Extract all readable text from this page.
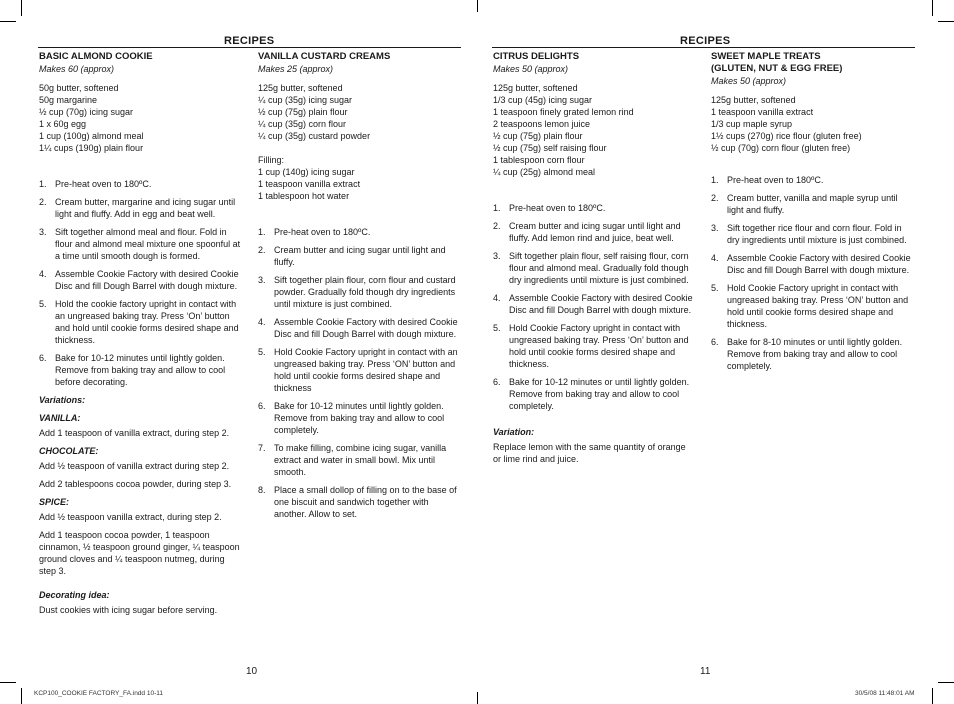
RECIPES
BASIC ALMOND COOKIE
Makes 60 (approx)
50g butter, softened
50g margarine
½ cup (70g) icing sugar
1 x 60g egg
1 cup (100g) almond meal
1¼ cups (190g) plain flour
1. Pre-heat oven to 180ºC.
2. Cream butter, margarine and icing sugar until light and fluffy. Add in egg and beat well.
3. Sift together almond meal and flour. Fold in flour and almond meal mixture one spoonful at a time until smooth dough is formed.
4. Assemble Cookie Factory with desired Cookie Disc and fill Dough Barrel with dough mixture.
5. Hold the cookie factory upright in contact with an ungreased baking tray. Press ‘On’ button and hold until cookie forms desired shape and thickness.
6. Bake for 10-12 minutes until lightly golden. Remove from baking tray and allow to cool before decorating.
Variations:
VANILLA:
Add 1 teaspoon of vanilla extract, during step 2.
CHOCOLATE:
Add ½ teaspoon of vanilla extract during step 2.
Add 2 tablespoons cocoa powder, during step 3.
SPICE:
Add ½ teaspoon vanilla extract, during step 2.
Add 1 teaspoon cocoa powder, 1 teaspoon cinnamon, ½ teaspoon ground ginger, ¼ teaspoon ground cloves and ¼ teaspoon nutmeg, during step 3.
Decorating idea:
Dust cookies with icing sugar before serving.
VANILLA CUSTARD CREAMS
Makes 25 (approx)
125g butter, softened
¼ cup (35g) icing sugar
½ cup (75g) plain flour
¼ cup (35g) corn flour
¼ cup (35g) custard powder
Filling:
1 cup (140g) icing sugar
1 teaspoon vanilla extract
1 tablespoon hot water
1. Pre-heat oven to 180ºC.
2. Cream butter and icing sugar until light and fluffy.
3. Sift together plain flour, corn flour and custard powder. Gradually fold though dry ingredients until mixture is just combined.
4. Assemble Cookie Factory with desired Cookie Disc and fill Dough Barrel with dough mixture.
5. Hold Cookie Factory upright in contact with an ungreased baking tray. Press ‘ON’ button and hold until cookie forms desired shape and thickness
6. Bake for 10-12 minutes until lightly golden. Remove from baking tray and allow to cool completely.
7. To make filling, combine icing sugar, vanilla extract and water in small bowl. Mix until smooth.
8. Place a small dollop of filling on to the base of one biscuit and sandwich together with another. Allow to set.
10
RECIPES
CITRUS DELIGHTS
Makes 50 (approx)
125g butter, softened
1/3 cup (45g) icing sugar
1 teaspoon finely grated lemon rind
2 teaspoons lemon juice
½ cup (75g) plain flour
½ cup (75g) self raising flour
1 tablespoon corn flour
¼ cup (25g) almond meal
1. Pre-heat oven to 180ºC.
2. Cream butter and icing sugar until light and fluffy. Add lemon rind and juice, beat well.
3. Sift together plain flour, self raising flour, corn flour and almond meal. Gradually fold though dry ingredients until mixture is just combined.
4. Assemble Cookie Factory with desired Cookie Disc and fill Dough Barrel with dough mixture.
5. Hold Cookie Factory upright in contact with ungreased baking tray. Press ‘On’ button and hold until cookie forms desired shape and thickness.
6. Bake for 10-12 minutes or until lightly golden. Remove from baking tray and allow to cool completely.
Variation:
Replace lemon with the same quantity of orange or lime rind and juice.
SWEET MAPLE TREATS
(GLUTEN, NUT & EGG FREE)
Makes 50 (approx)
125g butter, softened
1 teaspoon vanilla extract
1/3 cup maple syrup
1½ cups (270g) rice flour (gluten free)
½ cup (70g) corn flour (gluten free)
1. Pre-heat oven to 180ºC.
2. Cream butter, vanilla and maple syrup until light and fluffy.
3. Sift together rice flour and corn flour. Fold in dry ingredients until mixture is just combined.
4. Assemble Cookie Factory with desired Cookie Disc and fill Dough Barrel with dough mixture.
5. Hold Cookie Factory upright in contact with ungreased baking tray. Press ‘ON’ button and hold until cookie forms desired shape and thickness.
6. Bake for 8-10 minutes or until lightly golden. Remove from baking tray and allow to cool completely.
11
KCP100_COOKIE FACTORY_FA.indd 10-11	30/5/08 11:48:01 AM
